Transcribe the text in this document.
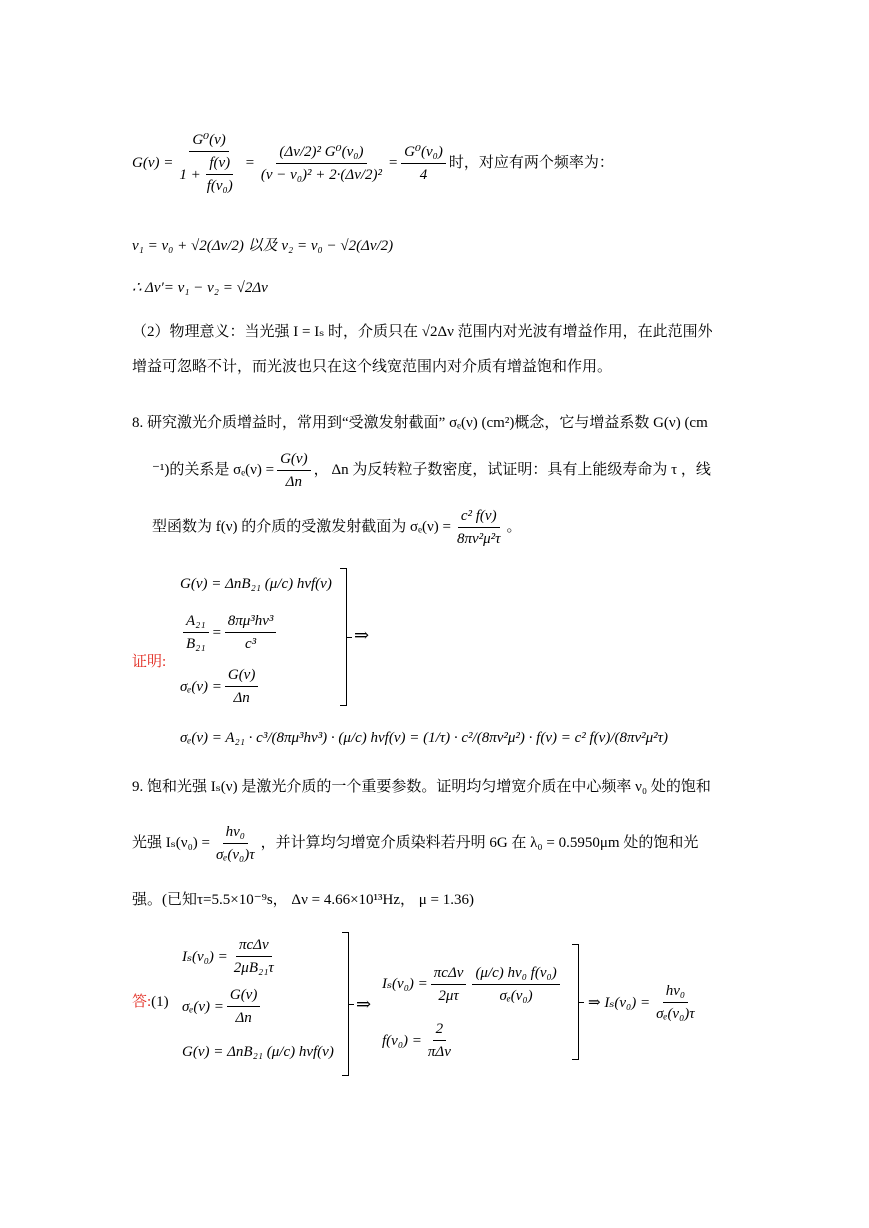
$G(\nu) = \frac{\text{G⁰(ν)}}{1 + \frac{f(\nu)}{\text{f(ν₀)}}} = \frac{\text{(Δν/2)² G⁰(ν₀)}}{\text{(ν − ν₀)² + 2·(Δν/2)²}} = \frac{\text{G⁰(ν₀)}}{4}$ 时，对应有两个频率为：
ν₁ = ν₀ + √2(Δν/2) 以及 ν₂ = ν₀ − √2(Δν/2)
∴ Δν′= ν₁ − ν₂ = √2Δν
（2）物理意义：当光强 I = Iₛ 时，介质只在 √2Δν 范围内对光波有增益作用，在此范围外
增益可忽略不计，而光波也只在这个线宽范围内对介质有增益饱和作用。
8. 研究激光介质增益时，常用到“受激发射截面” σₑ(ν) (cm²)概念，它与增益系数 G(ν) (cm
⁻¹)的关系是 $\sigma_e(\nu) = \frac{G(\nu)}{\Delta n}$ ， Δn 为反转粒子数密度，试证明：具有上能级寿命为 τ ，线
型函数为 f(ν) 的介质的受激发射截面为 $\sigma_e(\nu) = \frac{\text{c² f(ν)}}{\text{8πν²μ²τ}}$ 。
证明:
G(ν) = ΔnB₂₁ (μ/c) hνf(ν)
$\frac{\text{A₂₁}}{\text{B₂₁}} = \frac{\text{8πμ³hν³}}{\text{c³}}$
$\sigma_e(\nu) = \frac{G(\nu)}{\Delta n}$
⇒
σₑ(ν) = A₂₁ · c³/(8πμ³hν³) · (μ/c) hνf(ν) = (1/τ) · c²/(8πν²μ²) · f(ν) = c² f(ν)/(8πν²μ²τ)
9. 饱和光强 Iₛ(ν) 是激光介质的一个重要参数。证明均匀增宽介质在中心频率 ν₀ 处的饱和
光强 $I_s(\nu_0) = \frac{\text{hν₀}}{\text{σₑ(ν₀)τ}}$ ，并计算均匀增宽介质染料若丹明 6G 在 λ₀ = 0.5950μm 处的饱和光
强。(已知τ=5.5×10⁻⁹s， Δν = 4.66×10¹³Hz， μ = 1.36)
答:(1)
$I_s(\nu_0) = \frac{\text{πcΔν}}{\text{2μB₂₁τ}}$
$\sigma_e(\nu) = \frac{G(\nu)}{\Delta n}$
G(ν) = ΔnB₂₁ (μ/c) hνf(ν)
⇒
$I_s(\nu_0) = \frac{\text{πcΔν}}{2\mu\tau} \frac{\text{(μ/c) hν₀ f(ν₀)}}{\text{σₑ(ν₀)}}$
$f(\nu_0) = \frac{2}{\text{πΔν}}$
⇒ $I_s(\nu_0) = \frac{\text{hν₀}}{\text{σₑ(ν₀)τ}}$
